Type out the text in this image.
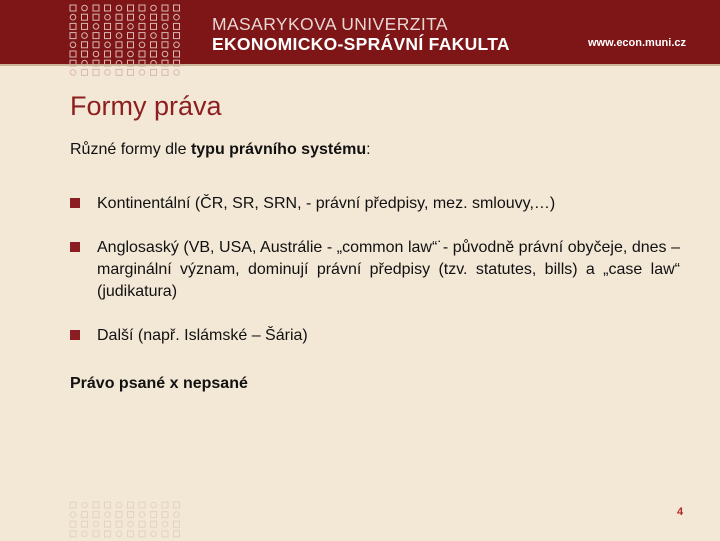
MASARYKOVA UNIVERZITA
EKONOMICKO-SPRÁVNÍ FAKULTA	www.econ.muni.cz
Formy práva

Různé formy dle typu právního systému:

Kontinentální (ČR, SR, SRN, - právní předpisy, mez. smlouvy,…)
Anglosaský (VB, USA, Austrálie - „common law“˙- původně právní obyčeje, dnes – marginální význam, dominují právní předpisy (tzv. statutes, bills) a „case law“ (judikatura)
Další (např. Islámské – Šária)
Právo psané x nepsané
4
